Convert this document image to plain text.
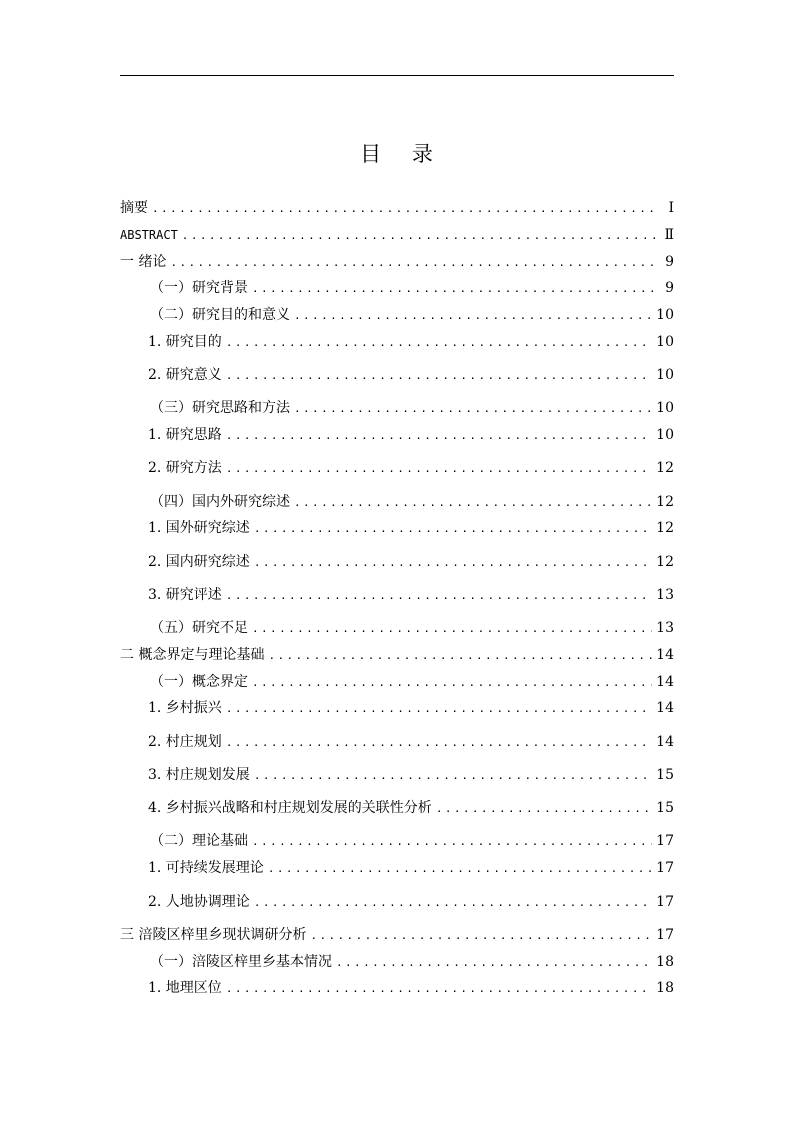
目 录
摘要 .....	Ⅰ
ABSTRACT .....	Ⅱ
一 绪论 .....	9
（一）研究背景 .....	9
（二）研究目的和意义 .....	10
1. 研究目的 .....	10
2. 研究意义 .....	10
（三）研究思路和方法 .....	10
1. 研究思路 .....	10
2. 研究方法 .....	12
（四）国内外研究综述 .....	12
1. 国外研究综述 .....	12
2. 国内研究综述 .....	12
3. 研究评述 .....	13
（五）研究不足 .....	13
二 概念界定与理论基础 .....	14
（一）概念界定 .....	14
1. 乡村振兴 .....	14
2. 村庄规划 .....	14
3. 村庄规划发展 .....	15
4. 乡村振兴战略和村庄规划发展的关联性分析 .....	15
（二）理论基础 .....	17
1. 可持续发展理论 .....	17
2. 人地协调理论 .....	17
三 涪陵区梓里乡现状调研分析 .....	17
（一）涪陵区梓里乡基本情况 .....	18
1. 地理区位 .....	18
